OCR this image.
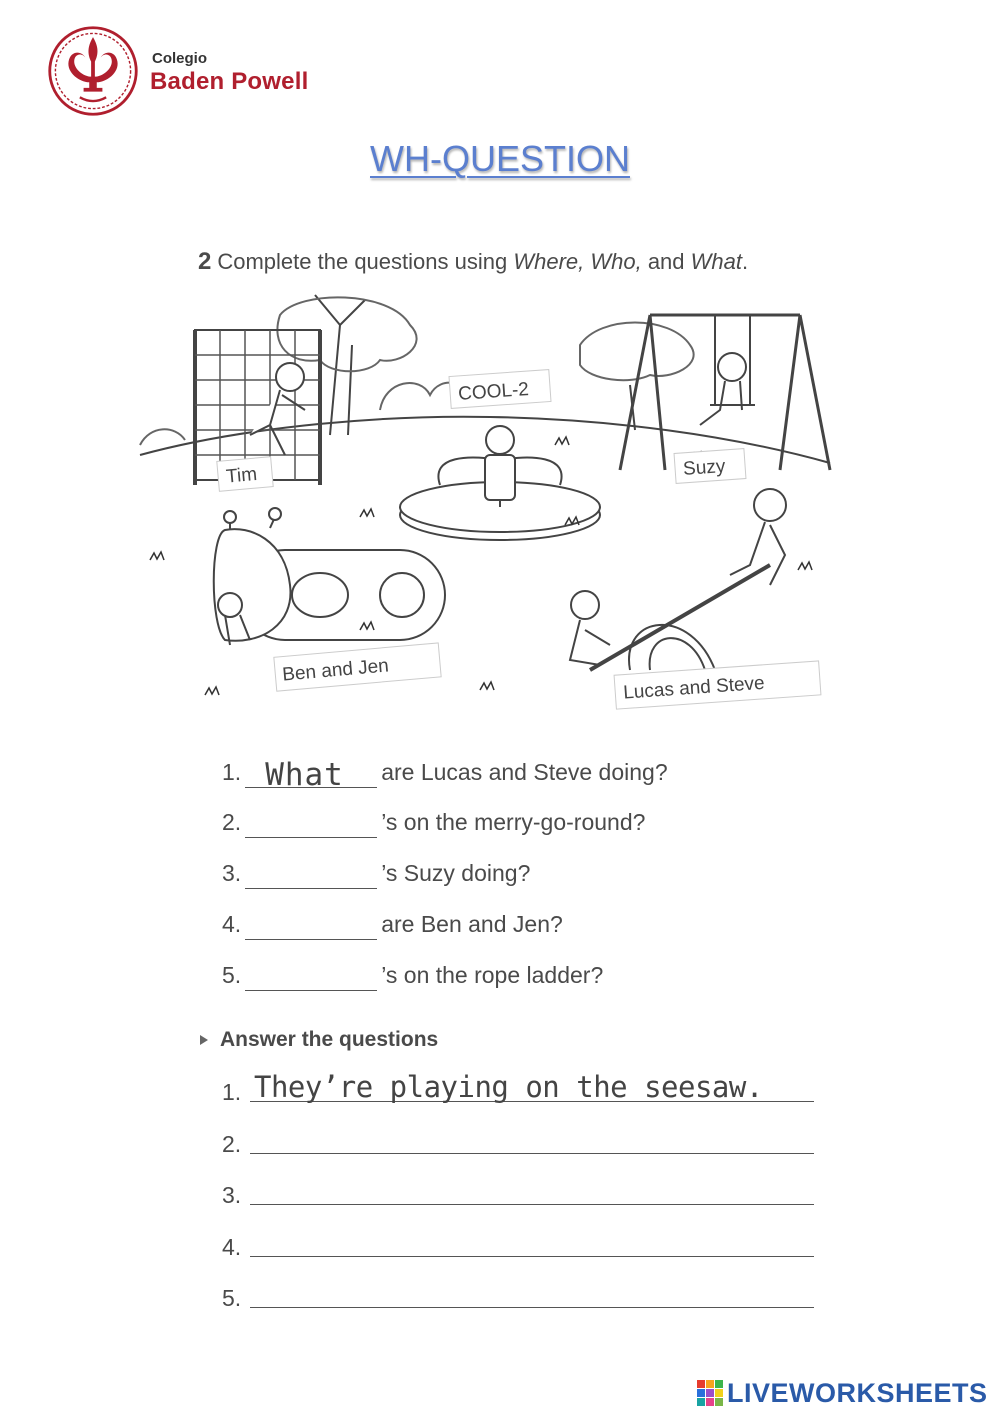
Colegio
Baden Powell
WH-QUESTION
2 Complete the questions using Where, Who, and What.
COOL-2
Tim	Suzy
Ben and Jen
Lucas and Steve
1. What are Lucas and Steve doing?
2.	’s on the merry-go-round?
3.	’s Suzy doing?
4.	are Ben and Jen?
5.	’s on the rope ladder?
Answer the questions
1. They’re playing on the seesaw.
2.
3.
4.
5.
LIVEWORKSHEETS
